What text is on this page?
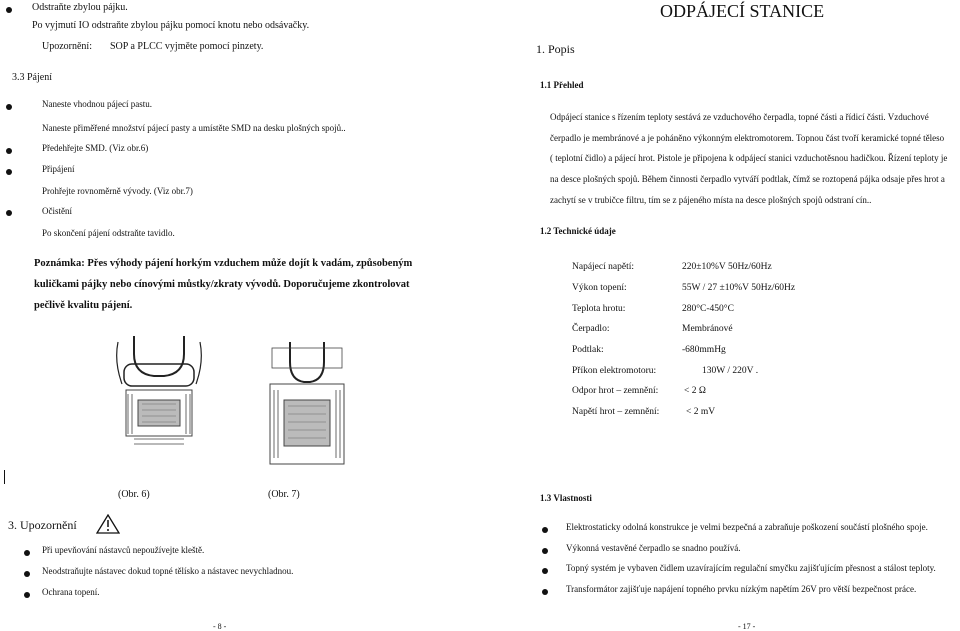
Odstraňte zbylou pájku.
Po vyjmutí IO odstraňte zbylou pájku pomocí knotu nebo odsávačky.
Upozornění: SOP a PLCC vyjměte pomocí pinzety.
3.3 Pájení
Naneste vhodnou pájecí pastu.
Naneste přiměřené množství pájecí pasty a umístěte SMD na desku plošných spojů..
Předehřejte SMD. (Viz obr.6)
Připájení
Prohřejte rovnoměrně vývody. (Viz obr.7)
Očistění
Po skončení pájení odstraňte tavidlo.
Poznámka: Přes výhody pájení horkým vzduchem může dojít k vadám, způsobeným
kuličkami pájky nebo cínovými můstky/zkraty vývodů. Doporučujeme zkontrolovat
pečlivě kvalitu pájení.
(Obr. 6)	(Obr. 7)
3. Upozornění
Při upevňování nástavců nepoužívejte kleště.
Neodstraňujte nástavec dokud topné tělísko a nástavec nevychladnou.
Ochrana topení.
- 8 -
ODPÁJECÍ STANICE
1. Popis
1.1 Přehled
Odpájecí stanice s řízením teploty sestává ze vzduchového čerpadla, topné části a řídicí části. Vzduchové
čerpadlo je membránové a je poháněno výkonným elektromotorem. Topnou část tvoří keramické topné těleso
( teplotní čidlo) a pájecí hrot. Pistole je připojena k odpájecí stanici vzduchotěsnou hadičkou. Řízení teploty je
na desce plošných spojů. Během činnosti čerpadlo vytváří podtlak, čímž se roztopená pájka odsaje přes hrot a
zachytí se v trubičce filtru, tím se z pájeného místa na desce plošných spojů odstraní cín..
1.2 Technické údaje
Napájecí napětí:	220±10%V 50Hz/60Hz
Výkon topení:	55W / 27 ±10%V 50Hz/60Hz
Teplota hrotu:	280°C-450°C
Čerpadlo:	Membránové
Podtlak:	-680mmHg
Příkon elektromotoru:	130W / 220V .
Odpor hrot – zemnění:	< 2 Ω
Napětí hrot – zemnění:	< 2 mV
1.3 Vlastnosti
Elektrostaticky odolná konstrukce je velmi bezpečná a zabraňuje poškození součástí plošného spoje.
Výkonná vestavěné čerpadlo se snadno používá.
Topný systém je vybaven čidlem uzavírajícím regulační smyčku zajišťujícím přesnost a stálost teploty.
Transformátor zajišťuje napájení topného prvku nízkým napětím 26V pro větší bezpečnost práce.
- 17 -
